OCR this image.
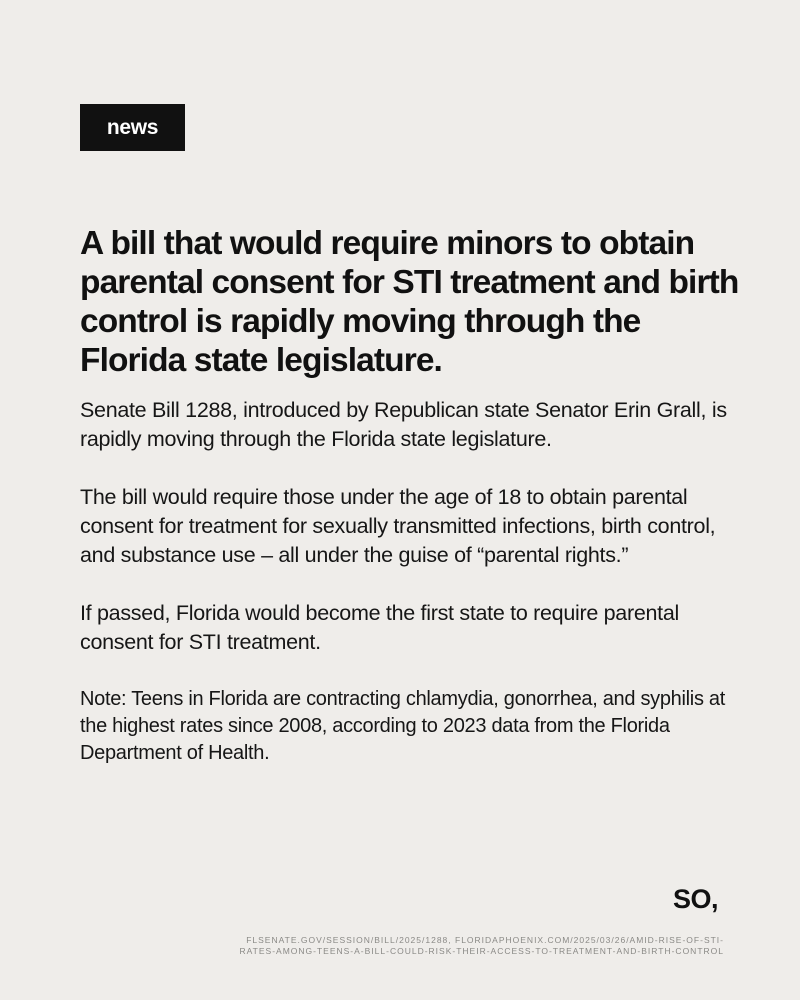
news
A bill that would require minors to obtain parental consent for STI treatment and birth control is rapidly moving through the Florida state legislature.

Senate Bill 1288, introduced by Republican state Senator Erin Grall, is rapidly moving through the Florida state legislature.

The bill would require those under the age of 18 to obtain parental consent for treatment for sexually transmitted infections, birth control, and substance use – all under the guise of “parental rights.”

If passed, Florida would become the first state to require parental consent for STI treatment.

Note: Teens in Florida are contracting chlamydia, gonorrhea, and syphilis at the highest rates since 2008, according to 2023 data from the Florida Department of Health.

SO,
FLSENATE.GOV/SESSION/BILL/2025/1288, FLORIDAPHOENIX.COM/2025/03/26/AMID-RISE-OF-STI-
RATES-AMONG-TEENS-A-BILL-COULD-RISK-THEIR-ACCESS-TO-TREATMENT-AND-BIRTH-CONTROL
